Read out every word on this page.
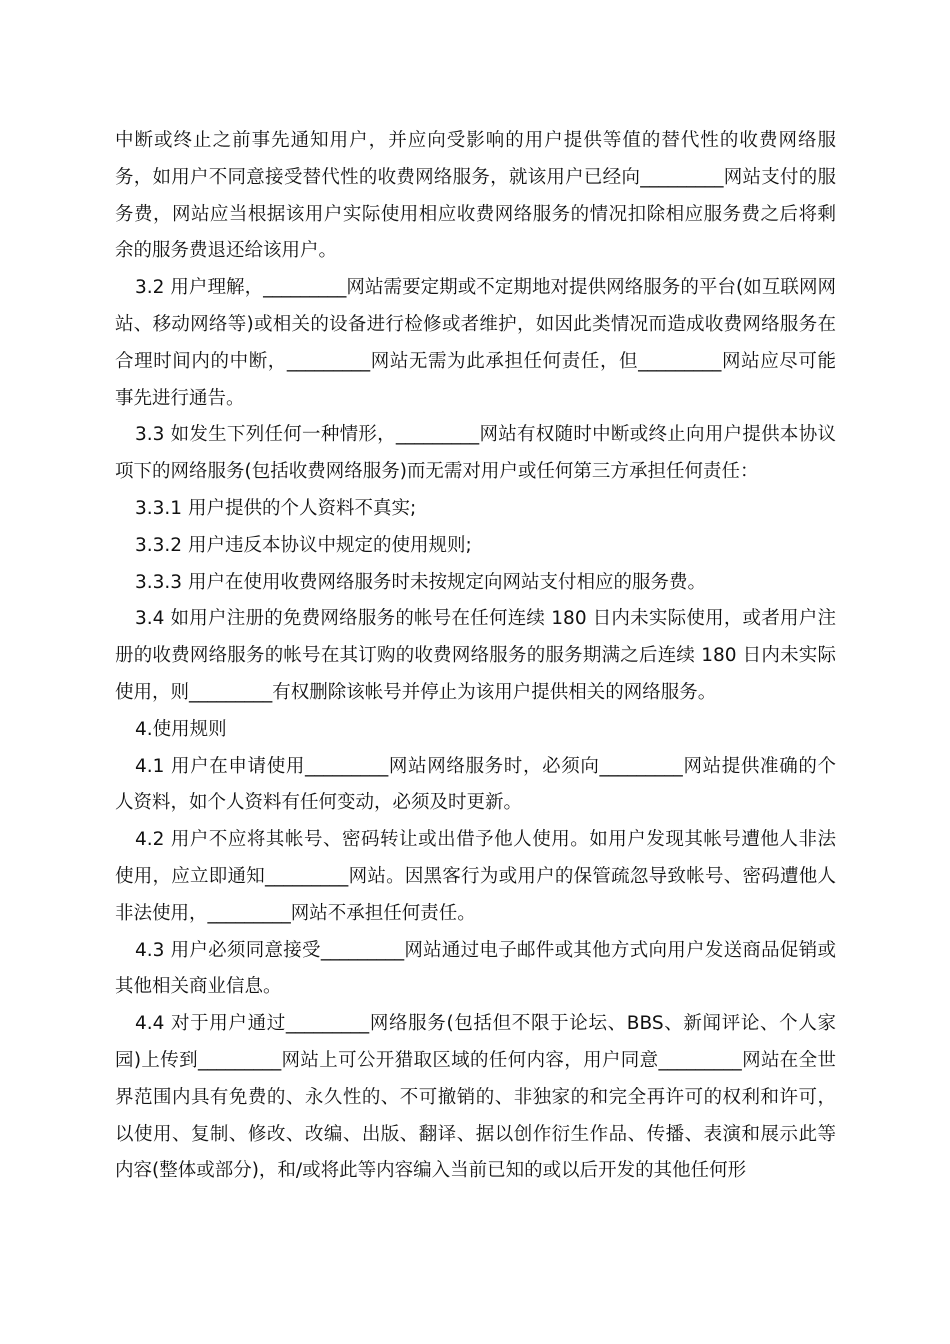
中断或终止之前事先通知用户，并应向受影响的用户提供等值的替代性的收费网络服务，如用户不同意接受替代性的收费网络服务，就该用户已经向_________网站支付的服务费，网站应当根据该用户实际使用相应收费网络服务的情况扣除相应服务费之后将剩余的服务费退还给该用户。

3.2 用户理解，_________网站需要定期或不定期地对提供网络服务的平台(如互联网网站、移动网络等)或相关的设备进行检修或者维护，如因此类情况而造成收费网络服务在合理时间内的中断，_________网站无需为此承担任何责任，但_________网站应尽可能事先进行通告。

3.3 如发生下列任何一种情形，_________网站有权随时中断或终止向用户提供本协议项下的网络服务(包括收费网络服务)而无需对用户或任何第三方承担任何责任：

3.3.1 用户提供的个人资料不真实;

3.3.2 用户违反本协议中规定的使用规则;

3.3.3 用户在使用收费网络服务时未按规定向网站支付相应的服务费。

3.4 如用户注册的免费网络服务的帐号在任何连续 180 日内未实际使用，或者用户注册的收费网络服务的帐号在其订购的收费网络服务的服务期满之后连续 180 日内未实际使用，则_________有权删除该帐号并停止为该用户提供相关的网络服务。

4.使用规则

4.1 用户在申请使用_________网站网络服务时，必须向_________网站提供准确的个人资料，如个人资料有任何变动，必须及时更新。

4.2 用户不应将其帐号、密码转让或出借予他人使用。如用户发现其帐号遭他人非法使用，应立即通知_________网站。因黑客行为或用户的保管疏忽导致帐号、密码遭他人非法使用，_________网站不承担任何责任。

4.3 用户必须同意接受_________网站通过电子邮件或其他方式向用户发送商品促销或其他相关商业信息。

4.4 对于用户通过_________网络服务(包括但不限于论坛、BBS、新闻评论、个人家园)上传到_________网站上可公开猎取区域的任何内容，用户同意_________网站在全世界范围内具有免费的、永久性的、不可撤销的、非独家的和完全再许可的权利和许可，以使用、复制、修改、改编、出版、翻译、据以创作衍生作品、传播、表演和展示此等内容(整体或部分)，和/或将此等内容编入当前已知的或以后开发的其他任何形
